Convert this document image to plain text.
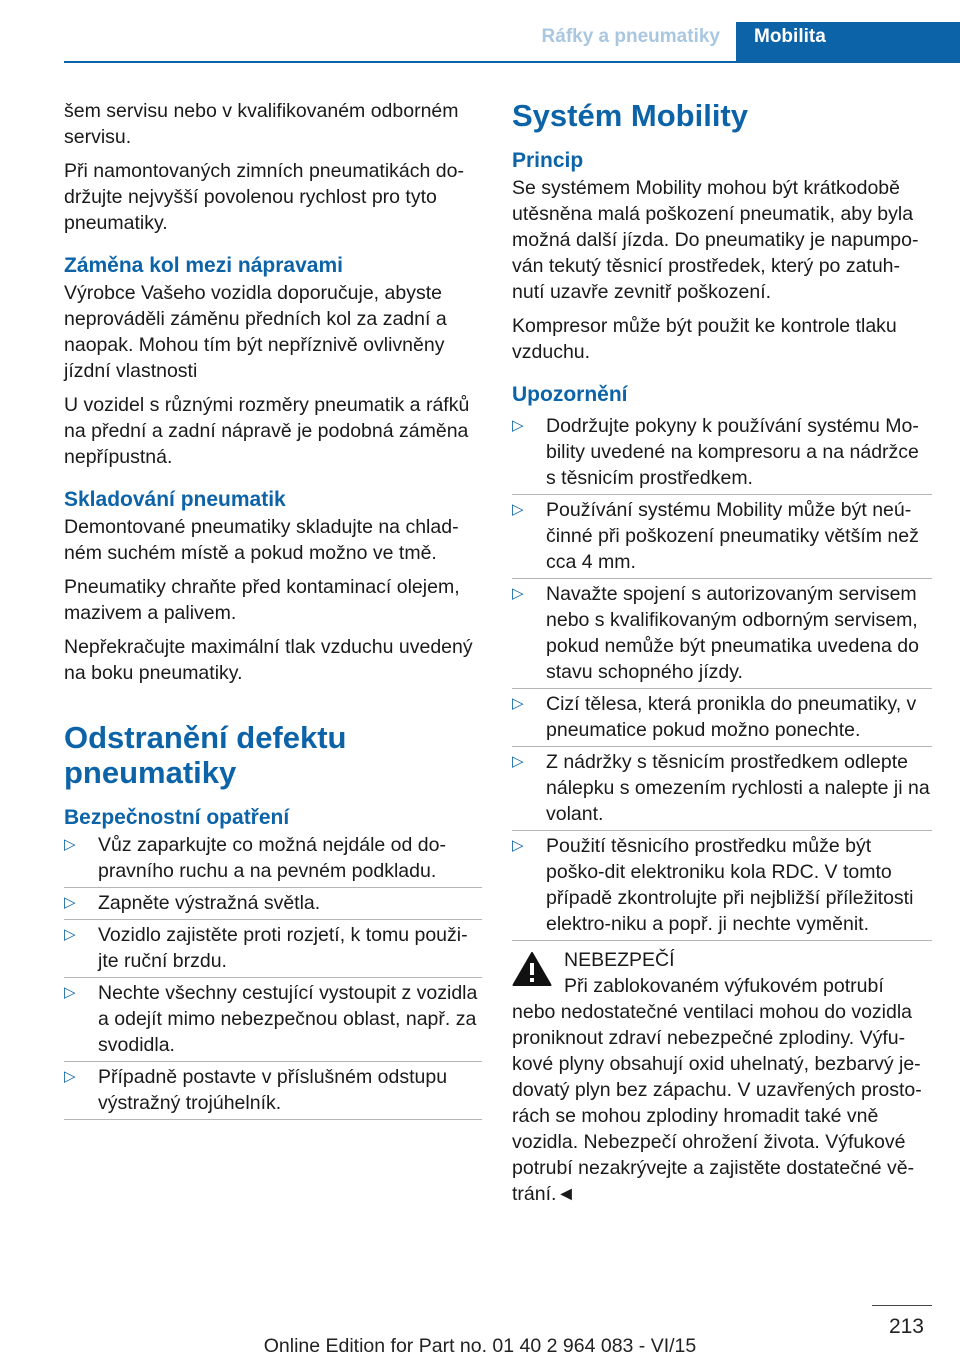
Ráfky a pneumatiky	Mobilita

šem servisu nebo v kvalifikovaném odborném servisu.

Při namontovaných zimních pneumatikách do-držujte nejvyšší povolenou rychlost pro tyto pneumatiky.

Záměna kol mezi nápravami

Výrobce Vašeho vozidla doporučuje, abyste neprováděli záměnu předních kol za zadní a naopak. Mohou tím být nepříznivě ovlivněny jízdní vlastnosti

U vozidel s různými rozměry pneumatik a ráfků na přední a zadní nápravě je podobná záměna nepřípustná.

Skladování pneumatik

Demontované pneumatiky skladujte na chlad-ném suchém místě a pokud možno ve tmě.

Pneumatiky chraňte před kontaminací olejem, mazivem a palivem.

Nepřekračujte maximální tlak vzduchu uvedený na boku pneumatiky.

Odstranění defektu pneumatiky
Bezpečnostní opatření
▷ Vůz zaparkujte co možná nejdále od do-pravního ruchu a na pevném podkladu.
▷ Zapněte výstražná světla.
▷ Vozidlo zajistěte proti rozjetí, k tomu použi-jte ruční brzdu.
▷ Nechte všechny cestující vystoupit z vozidla a odejít mimo nebezpečnou oblast, např. za svodidla.
▷ Případně postavte v příslušném odstupu výstražný trojúhelník.
Systém Mobility
Princip

Se systémem Mobility mohou být krátkodobě utěsněna malá poškození pneumatik, aby byla možná další jízda. Do pneumatiky je napumpo-ván tekutý těsnicí prostředek, který po zatuh-nutí uzavře zevnitř poškození.

Kompresor může být použit ke kontrole tlaku vzduchu.

Upozornění
▷ Dodržujte pokyny k používání systému Mo-bility uvedené na kompresoru a na nádržce s těsnicím prostředkem.
▷ Používání systému Mobility může být neú-činné při poškození pneumatiky větším než cca 4 mm.
▷ Navažte spojení s autorizovaným servisem nebo s kvalifikovaným odborným servisem, pokud nemůže být pneumatika uvedena do stavu schopného jízdy.
▷ Cizí tělesa, která pronikla do pneumatiky, v pneumatice pokud možno ponechte.
▷ Z nádržky s těsnicím prostředkem odlepte nálepku s omezením rychlosti a nalepte ji na volant.
▷ Použití těsnicího prostředku může být poško-dit elektroniku kola RDC. V tomto případě zkontrolujte při nejbližší příležitosti elektro-niku a popř. ji nechte vyměnit.
NEBEZPEČÍ
Při zablokovaném výfukovém potrubí
nebo nedostatečné ventilaci mohou do vozidla proniknout zdraví nebezpečné zplodiny. Výfu-kové plyny obsahují oxid uhelnatý, bezbarvý je-dovatý plyn bez zápachu. V uzavřených prosto-rách se mohou zplodiny hromadit také vně vozidla. Nebezpečí ohrožení života. Výfukové potrubí nezakrývejte a zajistěte dostatečné vě-trání.◄
213
Online Edition for Part no. 01 40 2 964 083 - VI/15
